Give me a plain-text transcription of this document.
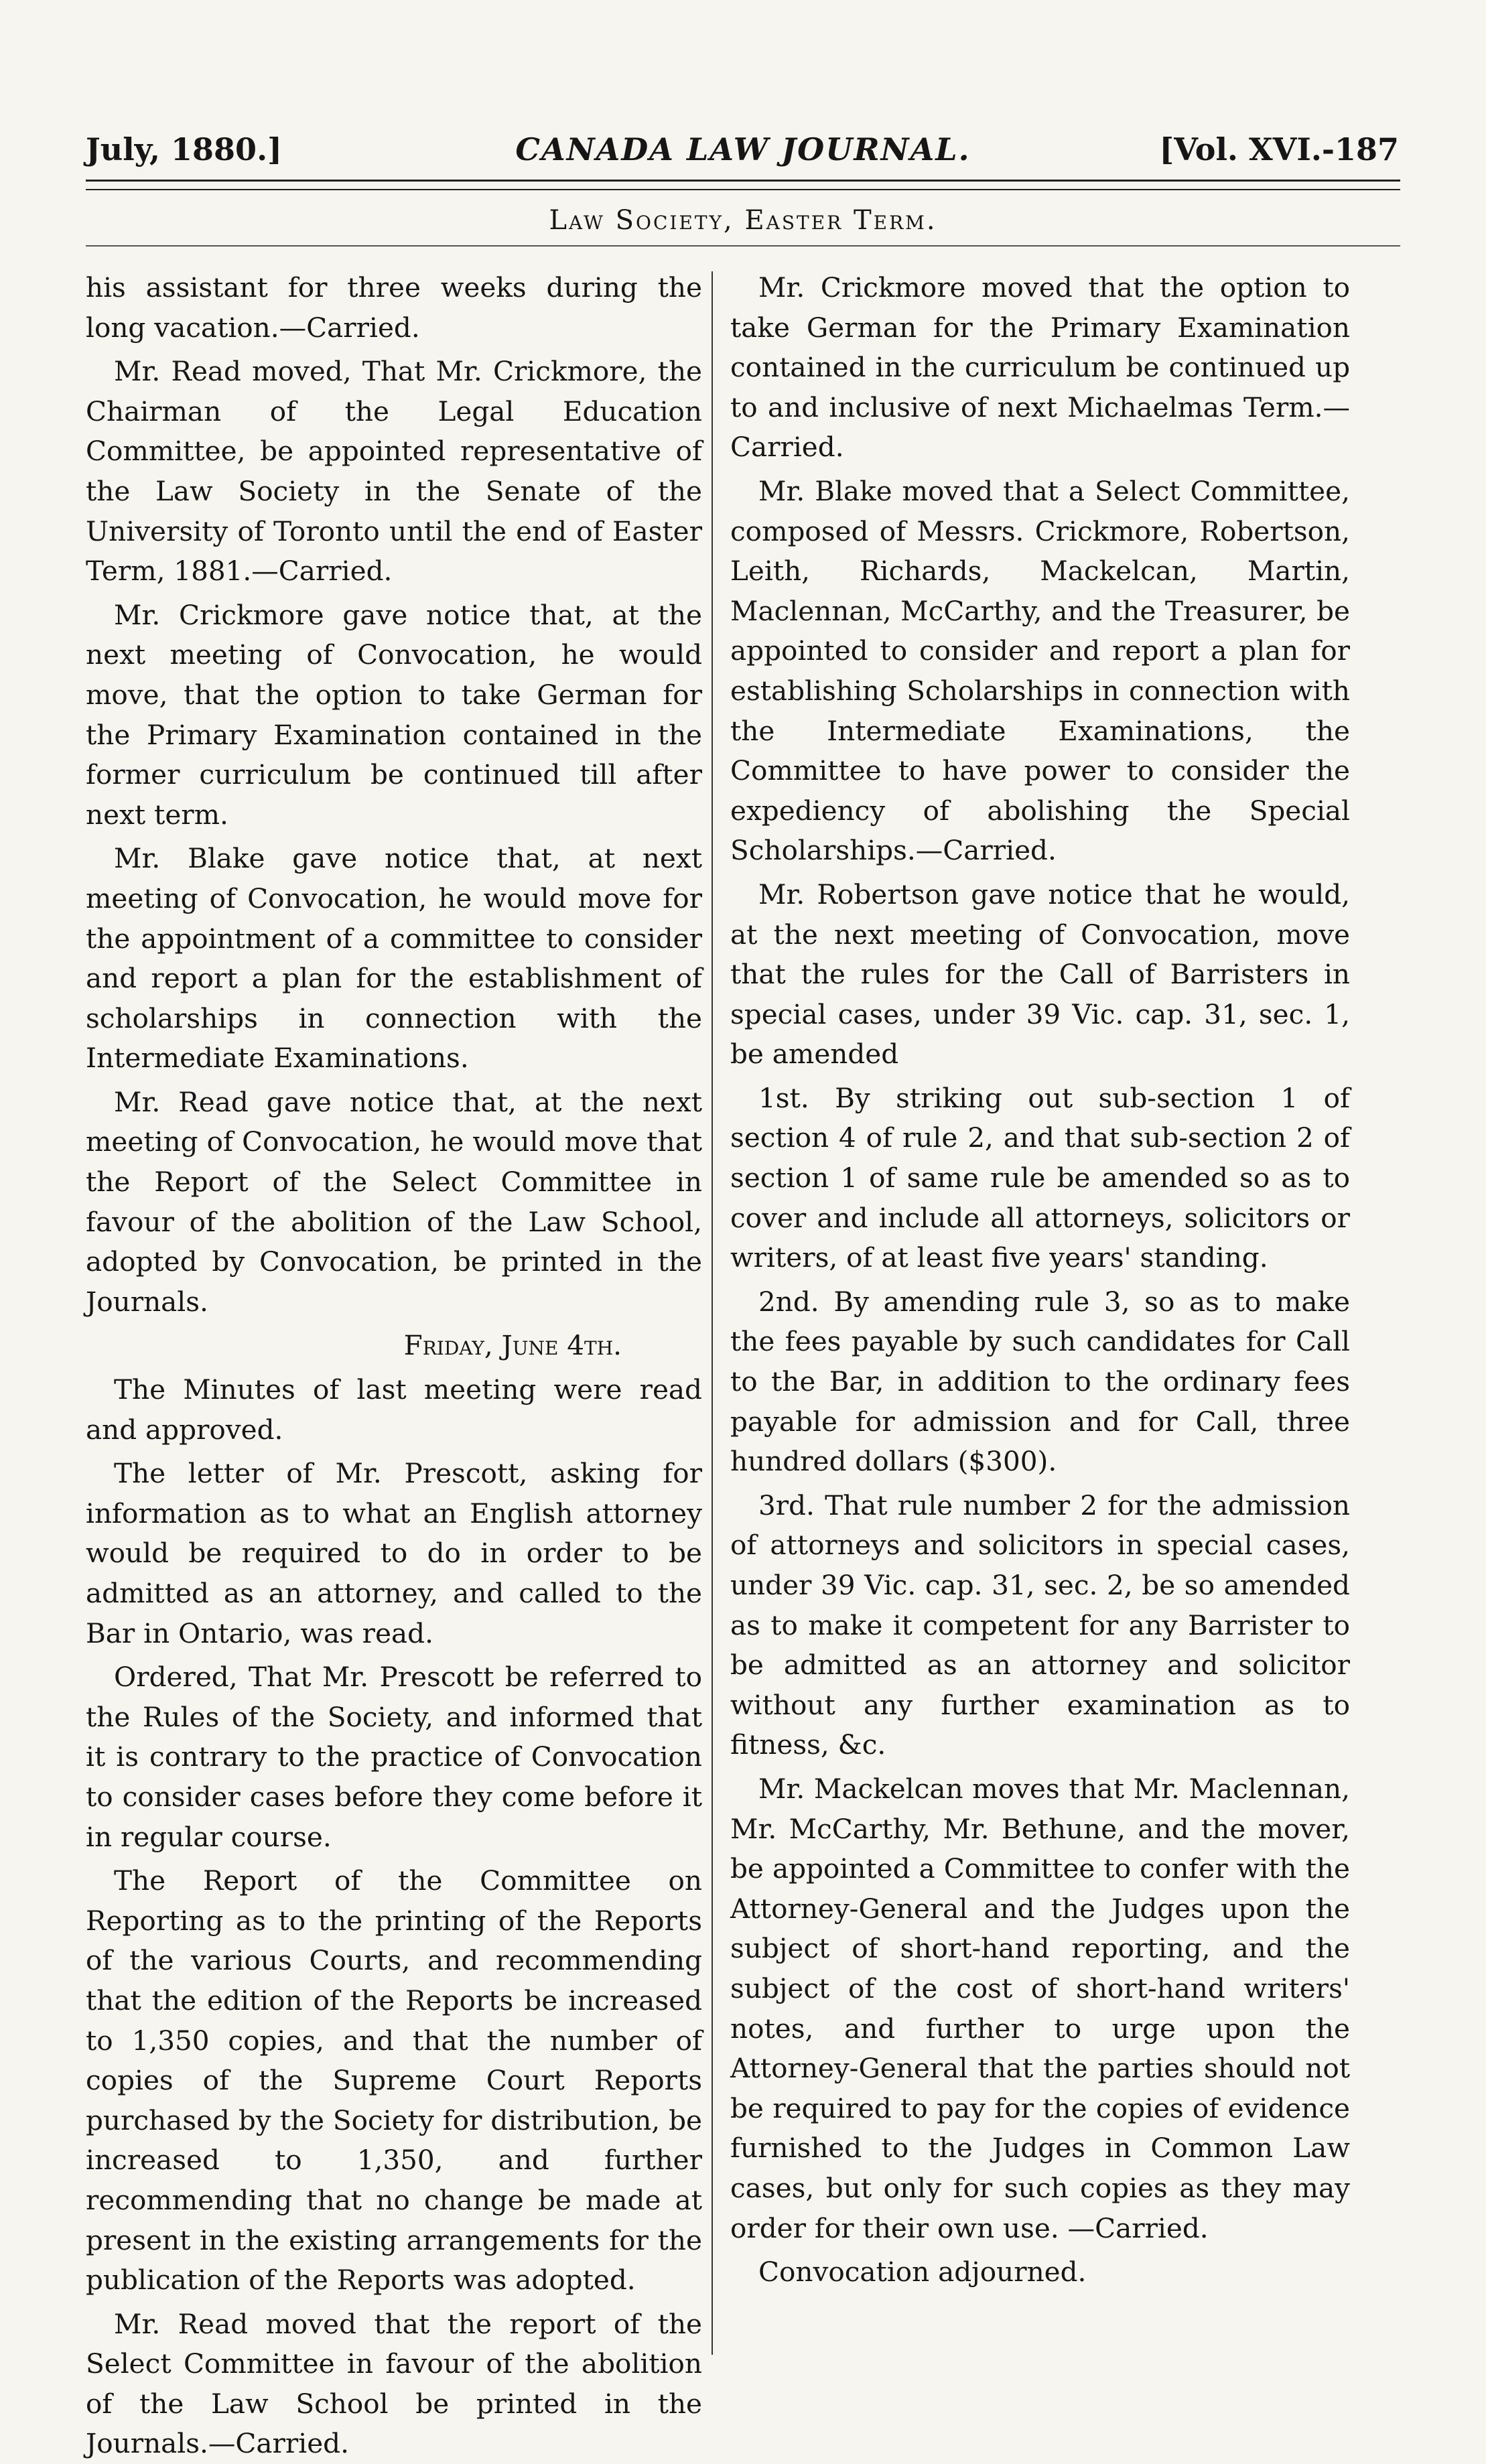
July, 1880.]	CANADA LAW JOURNAL.	[Vol. XVI.-187
Law Society, Easter Term.

his assistant for three weeks during the long vacation.—Carried.

Mr. Read moved, That Mr. Crickmore, the Chairman of the Legal Education Committee, be appointed representative of the Law Society in the Senate of the University of Toronto until the end of Easter Term, 1881.—Carried.

Mr. Crickmore gave notice that, at the next meeting of Convocation, he would move, that the option to take German for the Primary Examination contained in the former curriculum be continued till after next term.

Mr. Blake gave notice that, at next meeting of Convocation, he would move for the appointment of a committee to consider and report a plan for the establishment of scholarships in connection with the Intermediate Examinations.

Mr. Read gave notice that, at the next meeting of Convocation, he would move that the Report of the Select Committee in favour of the abolition of the Law School, adopted by Convocation, be printed in the Journals.

Friday, June 4th.

The Minutes of last meeting were read and approved.

The letter of Mr. Prescott, asking for information as to what an English attorney would be required to do in order to be admitted as an attorney, and called to the Bar in Ontario, was read.

Ordered, That Mr. Prescott be referred to the Rules of the Society, and informed that it is contrary to the practice of Convocation to consider cases before they come before it in regular course.

The Report of the Committee on Reporting as to the printing of the Reports of the various Courts, and recommending that the edition of the Reports be increased to 1,350 copies, and that the number of copies of the Supreme Court Reports purchased by the Society for distribution, be increased to 1,350, and further recommending that no change be made at present in the existing arrangements for the publication of the Reports was adopted.

Mr. Read moved that the report of the Select Committee in favour of the abolition of the Law School be printed in the Journals.—Carried.

Mr. Crickmore moved that the option to take German for the Primary Examination contained in the curriculum be continued up to and inclusive of next Michaelmas Term.—Carried.

Mr. Blake moved that a Select Committee, composed of Messrs. Crickmore, Robertson, Leith, Richards, Mackelcan, Martin, Maclennan, McCarthy, and the Treasurer, be appointed to consider and report a plan for establishing Scholarships in connection with the Intermediate Examinations, the Committee to have power to consider the expediency of abolishing the Special Scholarships.—Carried.

Mr. Robertson gave notice that he would, at the next meeting of Convocation, move that the rules for the Call of Barristers in special cases, under 39 Vic. cap. 31, sec. 1, be amended

1st. By striking out sub-section 1 of section 4 of rule 2, and that sub-section 2 of section 1 of same rule be amended so as to cover and include all attorneys, solicitors or writers, of at least five years' standing.

2nd. By amending rule 3, so as to make the fees payable by such candidates for Call to the Bar, in addition to the ordinary fees payable for admission and for Call, three hundred dollars ($300).

3rd. That rule number 2 for the admission of attorneys and solicitors in special cases, under 39 Vic. cap. 31, sec. 2, be so amended as to make it competent for any Barrister to be admitted as an attorney and solicitor without any further examination as to fitness, &c.

Mr. Mackelcan moves that Mr. Maclennan, Mr. McCarthy, Mr. Bethune, and the mover, be appointed a Committee to confer with the Attorney-General and the Judges upon the subject of short-hand reporting, and the subject of the cost of short-hand writers' notes, and further to urge upon the Attorney-General that the parties should not be required to pay for the copies of evidence furnished to the Judges in Common Law cases, but only for such copies as they may order for their own use. —Carried.

Convocation adjourned.
